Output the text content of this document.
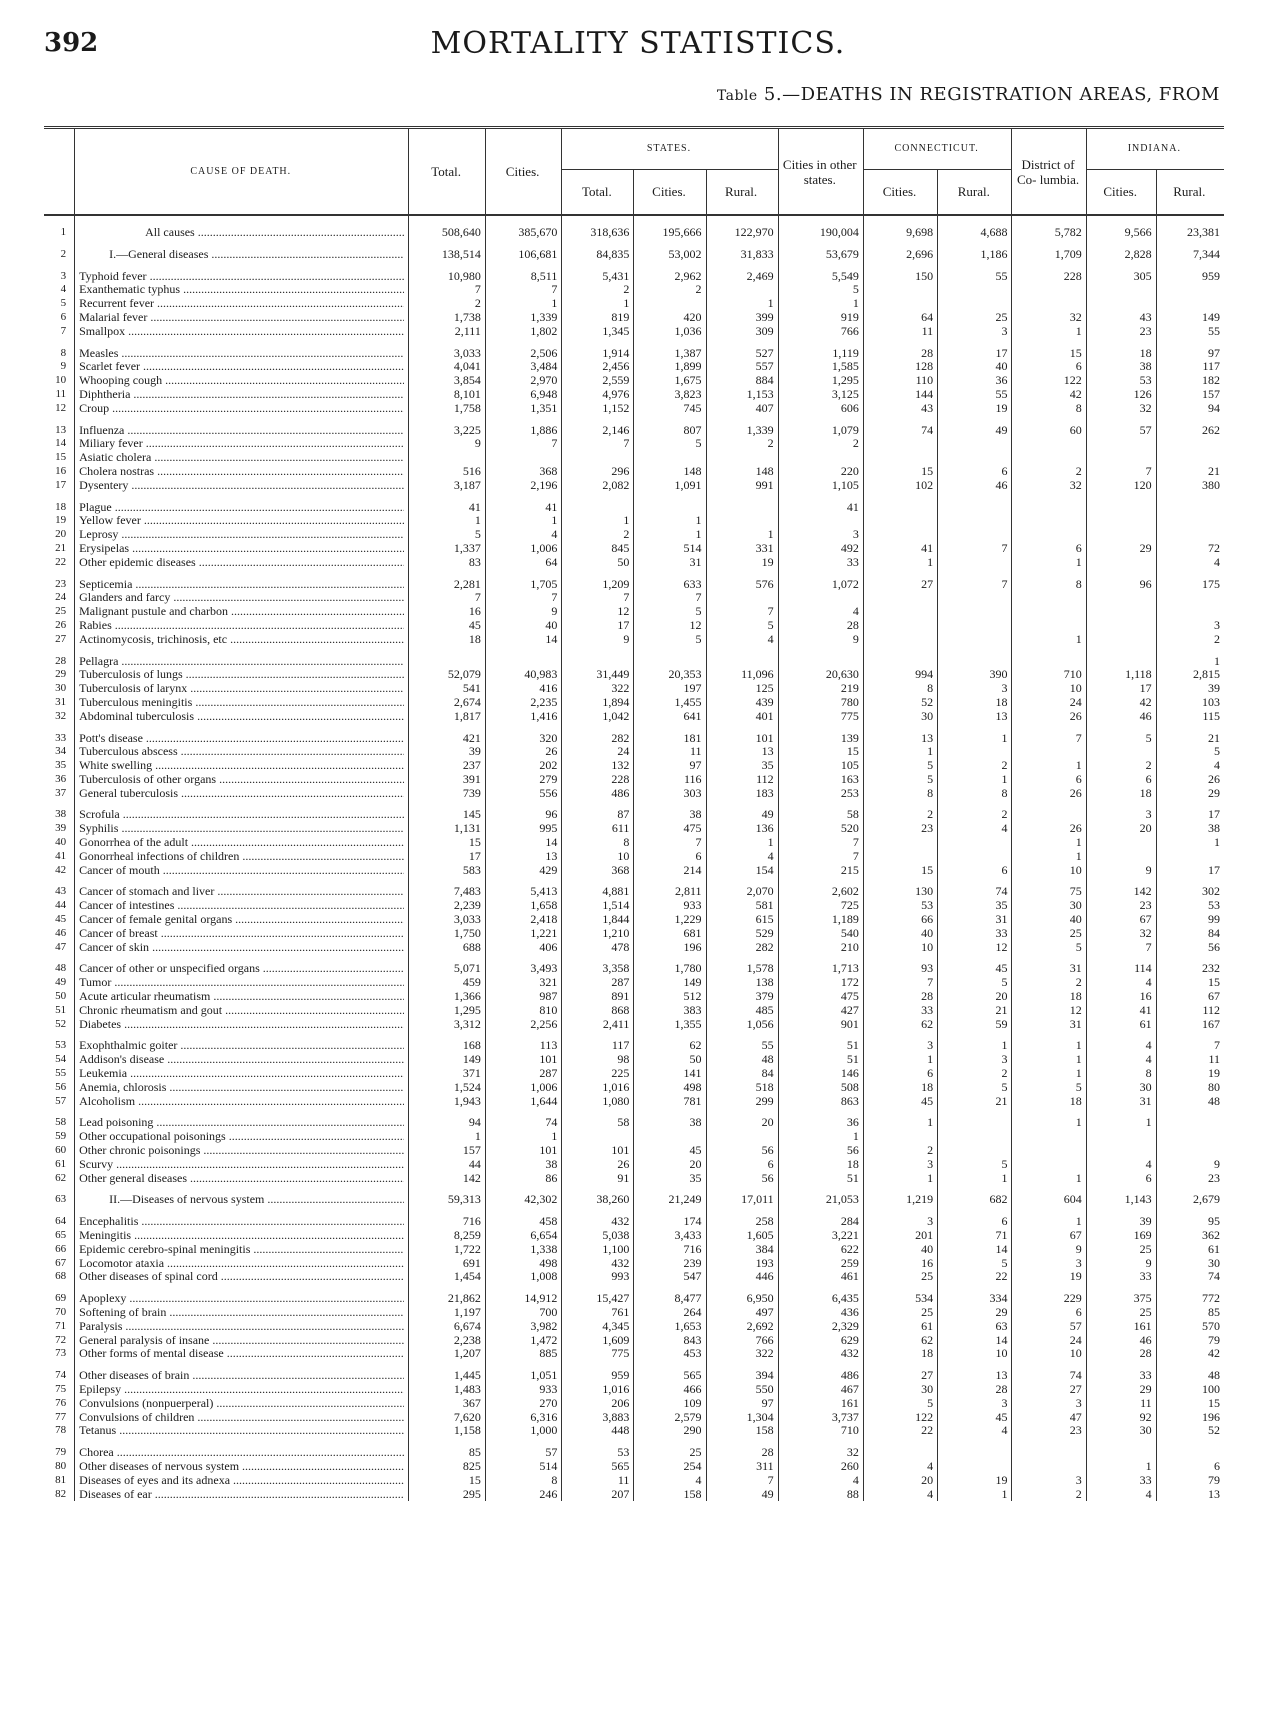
392	MORTALITY STATISTICS.
Table 5.—DEATHS IN REGISTRATION AREAS, FROM
	CAUSE OF DEATH.	Total.	Cities.	STATES.			Cities in other states.	CONNECTICUT.		District of Co- lumbia.	INDIANA.	
				Total.	Cities.	Rural.		Cities.	Rural.		Cities.	Rural.
1	All causes .....	508,640	385,670	318,636	195,666	122,970	190,004	9,698	4,688	5,782	9,566	23,381
2	I.—General diseases .....	138,514	106,681	84,835	53,002	31,833	53,679	2,696	1,186	1,709	2,828	7,344
3	Typhoid fever .....	10,980	8,511	5,431	2,962	2,469	5,549	150	55	228	305	959
4	Exanthematic typhus .....	7	7	2	2		5					
5	Recurrent fever .....	2	1	1		1	1					
6	Malarial fever .....	1,738	1,339	819	420	399	919	64	25	32	43	149
7	Smallpox .....	2,111	1,802	1,345	1,036	309	766	11	3	1	23	55
8	Measles .....	3,033	2,506	1,914	1,387	527	1,119	28	17	15	18	97
9	Scarlet fever .....	4,041	3,484	2,456	1,899	557	1,585	128	40	6	38	117
10	Whooping cough .....	3,854	2,970	2,559	1,675	884	1,295	110	36	122	53	182
11	Diphtheria .....	8,101	6,948	4,976	3,823	1,153	3,125	144	55	42	126	157
12	Croup .....	1,758	1,351	1,152	745	407	606	43	19	8	32	94
13	Influenza .....	3,225	1,886	2,146	807	1,339	1,079	74	49	60	57	262
14	Miliary fever .....	9	7	7	5	2	2					
15	Asiatic cholera .....

16	Cholera nostras .....	516	368	296	148	148	220	15	6	2	7	21
17	Dysentery .....	3,187	2,196	2,082	1,091	991	1,105	102	46	32	120	380
18	Plague .....	41	41				41					
19	Yellow fever .....	1	1	1	1							
20	Leprosy .....	5	4	2	1	1	3					
21	Erysipelas .....	1,337	1,006	845	514	331	492	41	7	6	29	72
22	Other epidemic diseases .....	83	64	50	31	19	33	1		1		4
23	Septicemia .....	2,281	1,705	1,209	633	576	1,072	27	7	8	96	175
24	Glanders and farcy .....	7	7	7	7							
25	Malignant pustule and charbon .....	16	9	12	5	7	4					
26	Rabies .....	45	40	17	12	5	28					3
27	Actinomycosis, trichinosis, etc .....	18	14	9	5	4	9			1		2
28	Pellagra .....											1
29	Tuberculosis of lungs .....	52,079	40,983	31,449	20,353	11,096	20,630	994	390	710	1,118	2,815
30	Tuberculosis of larynx .....	541	416	322	197	125	219	8	3	10	17	39
31	Tuberculous meningitis .....	2,674	2,235	1,894	1,455	439	780	52	18	24	42	103
32	Abdominal tuberculosis .....	1,817	1,416	1,042	641	401	775	30	13	26	46	115
33	Pott's disease .....	421	320	282	181	101	139	13	1	7	5	21
34	Tuberculous abscess .....	39	26	24	11	13	15	1				5
35	White swelling .....	237	202	132	97	35	105	5	2	1	2	4
36	Tuberculosis of other organs .....	391	279	228	116	112	163	5	1	6	6	26
37	General tuberculosis .....	739	556	486	303	183	253	8	8	26	18	29
38	Scrofula .....	145	96	87	38	49	58	2	2		3	17
39	Syphilis .....	1,131	995	611	475	136	520	23	4	26	20	38
40	Gonorrhea of the adult .....	15	14	8	7	1	7			1		1
41	Gonorrheal infections of children .....	17	13	10	6	4	7			1		
42	Cancer of mouth .....	583	429	368	214	154	215	15	6	10	9	17
43	Cancer of stomach and liver .....	7,483	5,413	4,881	2,811	2,070	2,602	130	74	75	142	302
44	Cancer of intestines .....	2,239	1,658	1,514	933	581	725	53	35	30	23	53
45	Cancer of female genital organs .....	3,033	2,418	1,844	1,229	615	1,189	66	31	40	67	99
46	Cancer of breast .....	1,750	1,221	1,210	681	529	540	40	33	25	32	84
47	Cancer of skin .....	688	406	478	196	282	210	10	12	5	7	56
48	Cancer of other or unspecified organs .....	5,071	3,493	3,358	1,780	1,578	1,713	93	45	31	114	232
49	Tumor .....	459	321	287	149	138	172	7	5	2	4	15
50	Acute articular rheumatism .....	1,366	987	891	512	379	475	28	20	18	16	67
51	Chronic rheumatism and gout .....	1,295	810	868	383	485	427	33	21	12	41	112
52	Diabetes .....	3,312	2,256	2,411	1,355	1,056	901	62	59	31	61	167
53	Exophthalmic goiter .....	168	113	117	62	55	51	3	1	1	4	7
54	Addison's disease .....	149	101	98	50	48	51	1	3	1	4	11
55	Leukemia .....	371	287	225	141	84	146	6	2	1	8	19
56	Anemia, chlorosis .....	1,524	1,006	1,016	498	518	508	18	5	5	30	80
57	Alcoholism .....	1,943	1,644	1,080	781	299	863	45	21	18	31	48
58	Lead poisoning .....	94	74	58	38	20	36	1		1	1	
59	Other occupational poisonings .....	1	1				1					
60	Other chronic poisonings .....	157	101	101	45	56	56	2				
61	Scurvy .....	44	38	26	20	6	18	3	5		4	9
62	Other general diseases .....	142	86	91	35	56	51	1	1	1	6	23
63	II.—Diseases of nervous system .....	59,313	42,302	38,260	21,249	17,011	21,053	1,219	682	604	1,143	2,679
64	Encephalitis .....	716	458	432	174	258	284	3	6	1	39	95
65	Meningitis .....	8,259	6,654	5,038	3,433	1,605	3,221	201	71	67	169	362
66	Epidemic cerebro-spinal meningitis .....	1,722	1,338	1,100	716	384	622	40	14	9	25	61
67	Locomotor ataxia .....	691	498	432	239	193	259	16	5	3	9	30
68	Other diseases of spinal cord .....	1,454	1,008	993	547	446	461	25	22	19	33	74
69	Apoplexy .....	21,862	14,912	15,427	8,477	6,950	6,435	534	334	229	375	772
70	Softening of brain .....	1,197	700	761	264	497	436	25	29	6	25	85
71	Paralysis .....	6,674	3,982	4,345	1,653	2,692	2,329	61	63	57	161	570
72	General paralysis of insane .....	2,238	1,472	1,609	843	766	629	62	14	24	46	79
73	Other forms of mental disease .....	1,207	885	775	453	322	432	18	10	10	28	42
74	Other diseases of brain .....	1,445	1,051	959	565	394	486	27	13	74	33	48
75	Epilepsy .....	1,483	933	1,016	466	550	467	30	28	27	29	100
76	Convulsions (nonpuerperal) .....	367	270	206	109	97	161	5	3	3	11	15
77	Convulsions of children .....	7,620	6,316	3,883	2,579	1,304	3,737	122	45	47	92	196
78	Tetanus .....	1,158	1,000	448	290	158	710	22	4	23	30	52
79	Chorea .....	85	57	53	25	28	32					
80	Other diseases of nervous system .....	825	514	565	254	311	260	4			1	6
81	Diseases of eyes and its adnexa .....	15	8	11	4	7	4	20	19	3	33	79
82	Diseases of ear .....	295	246	207	158	49	88	4	1	2	4	13
